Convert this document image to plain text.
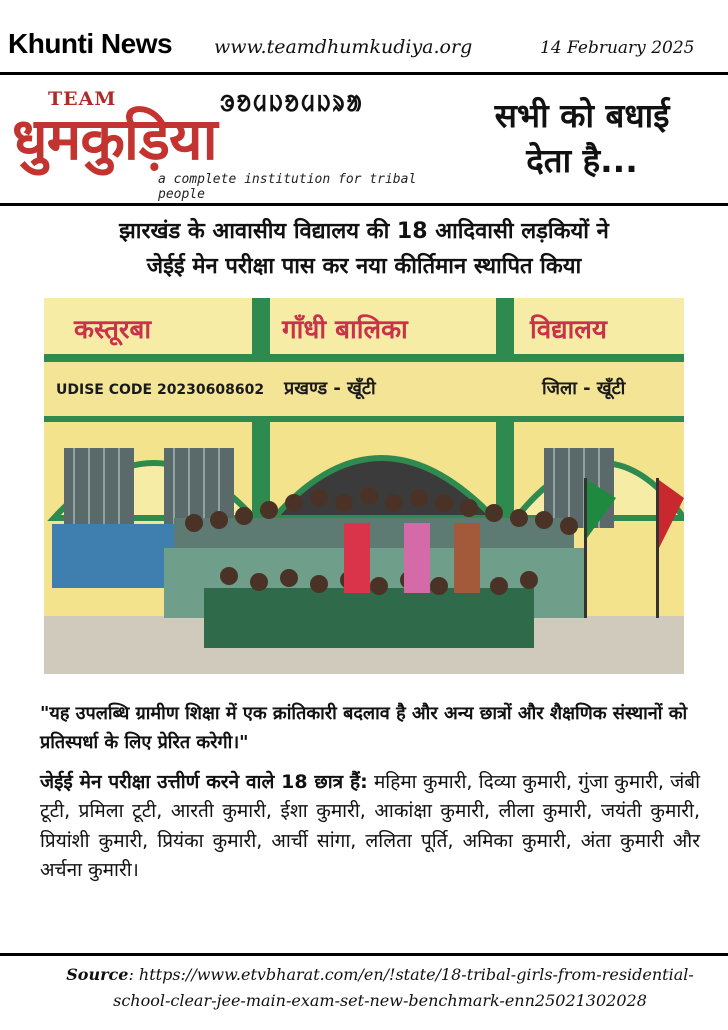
Khunti News www.teamdhumkudiya.org	14 February 2025
TEAM	ᱳᱚᱢᱡᱚᱢᱡᱨᱟ
धुमकुड़िया
a complete institution for tribal people
सभी को बधाई
देता है...
झारखंड के आवासीय विद्यालय की 18 आदिवासी लड़कियों ने
जेईई मेन परीक्षा पास कर नया कीर्तिमान स्थापित किया
कस्तूरबा	गाँधी बालिका	विद्यालय
UDISE CODE 20230608602 प्रखण्ड - खूँटी	जिला - खूँटी
"यह उपलब्धि ग्रामीण शिक्षा में एक क्रांतिकारी बदलाव है और अन्य छात्रों और शैक्षणिक संस्थानों को प्रतिस्पर्धा के लिए प्रेरित करेगी।"
जेईई मेन परीक्षा उत्तीर्ण करने वाले 18 छात्र हैं: महिमा कुमारी, दिव्या कुमारी, गुंजा कुमारी, जंबी टूटी, प्रमिला टूटी, आरती कुमारी, ईशा कुमारी, आकांक्षा कुमारी, लीला कुमारी, जयंती कुमारी, प्रियांशी कुमारी, प्रियंका कुमारी, आर्ची सांगा, ललिता पूर्ति, अमिका कुमारी, अंता कुमारी और अर्चना कुमारी।
Source: https://www.etvbharat.com/en/!state/18-tribal-girls-from-residential-school-clear-jee-main-exam-set-new-benchmark-enn25021302028
